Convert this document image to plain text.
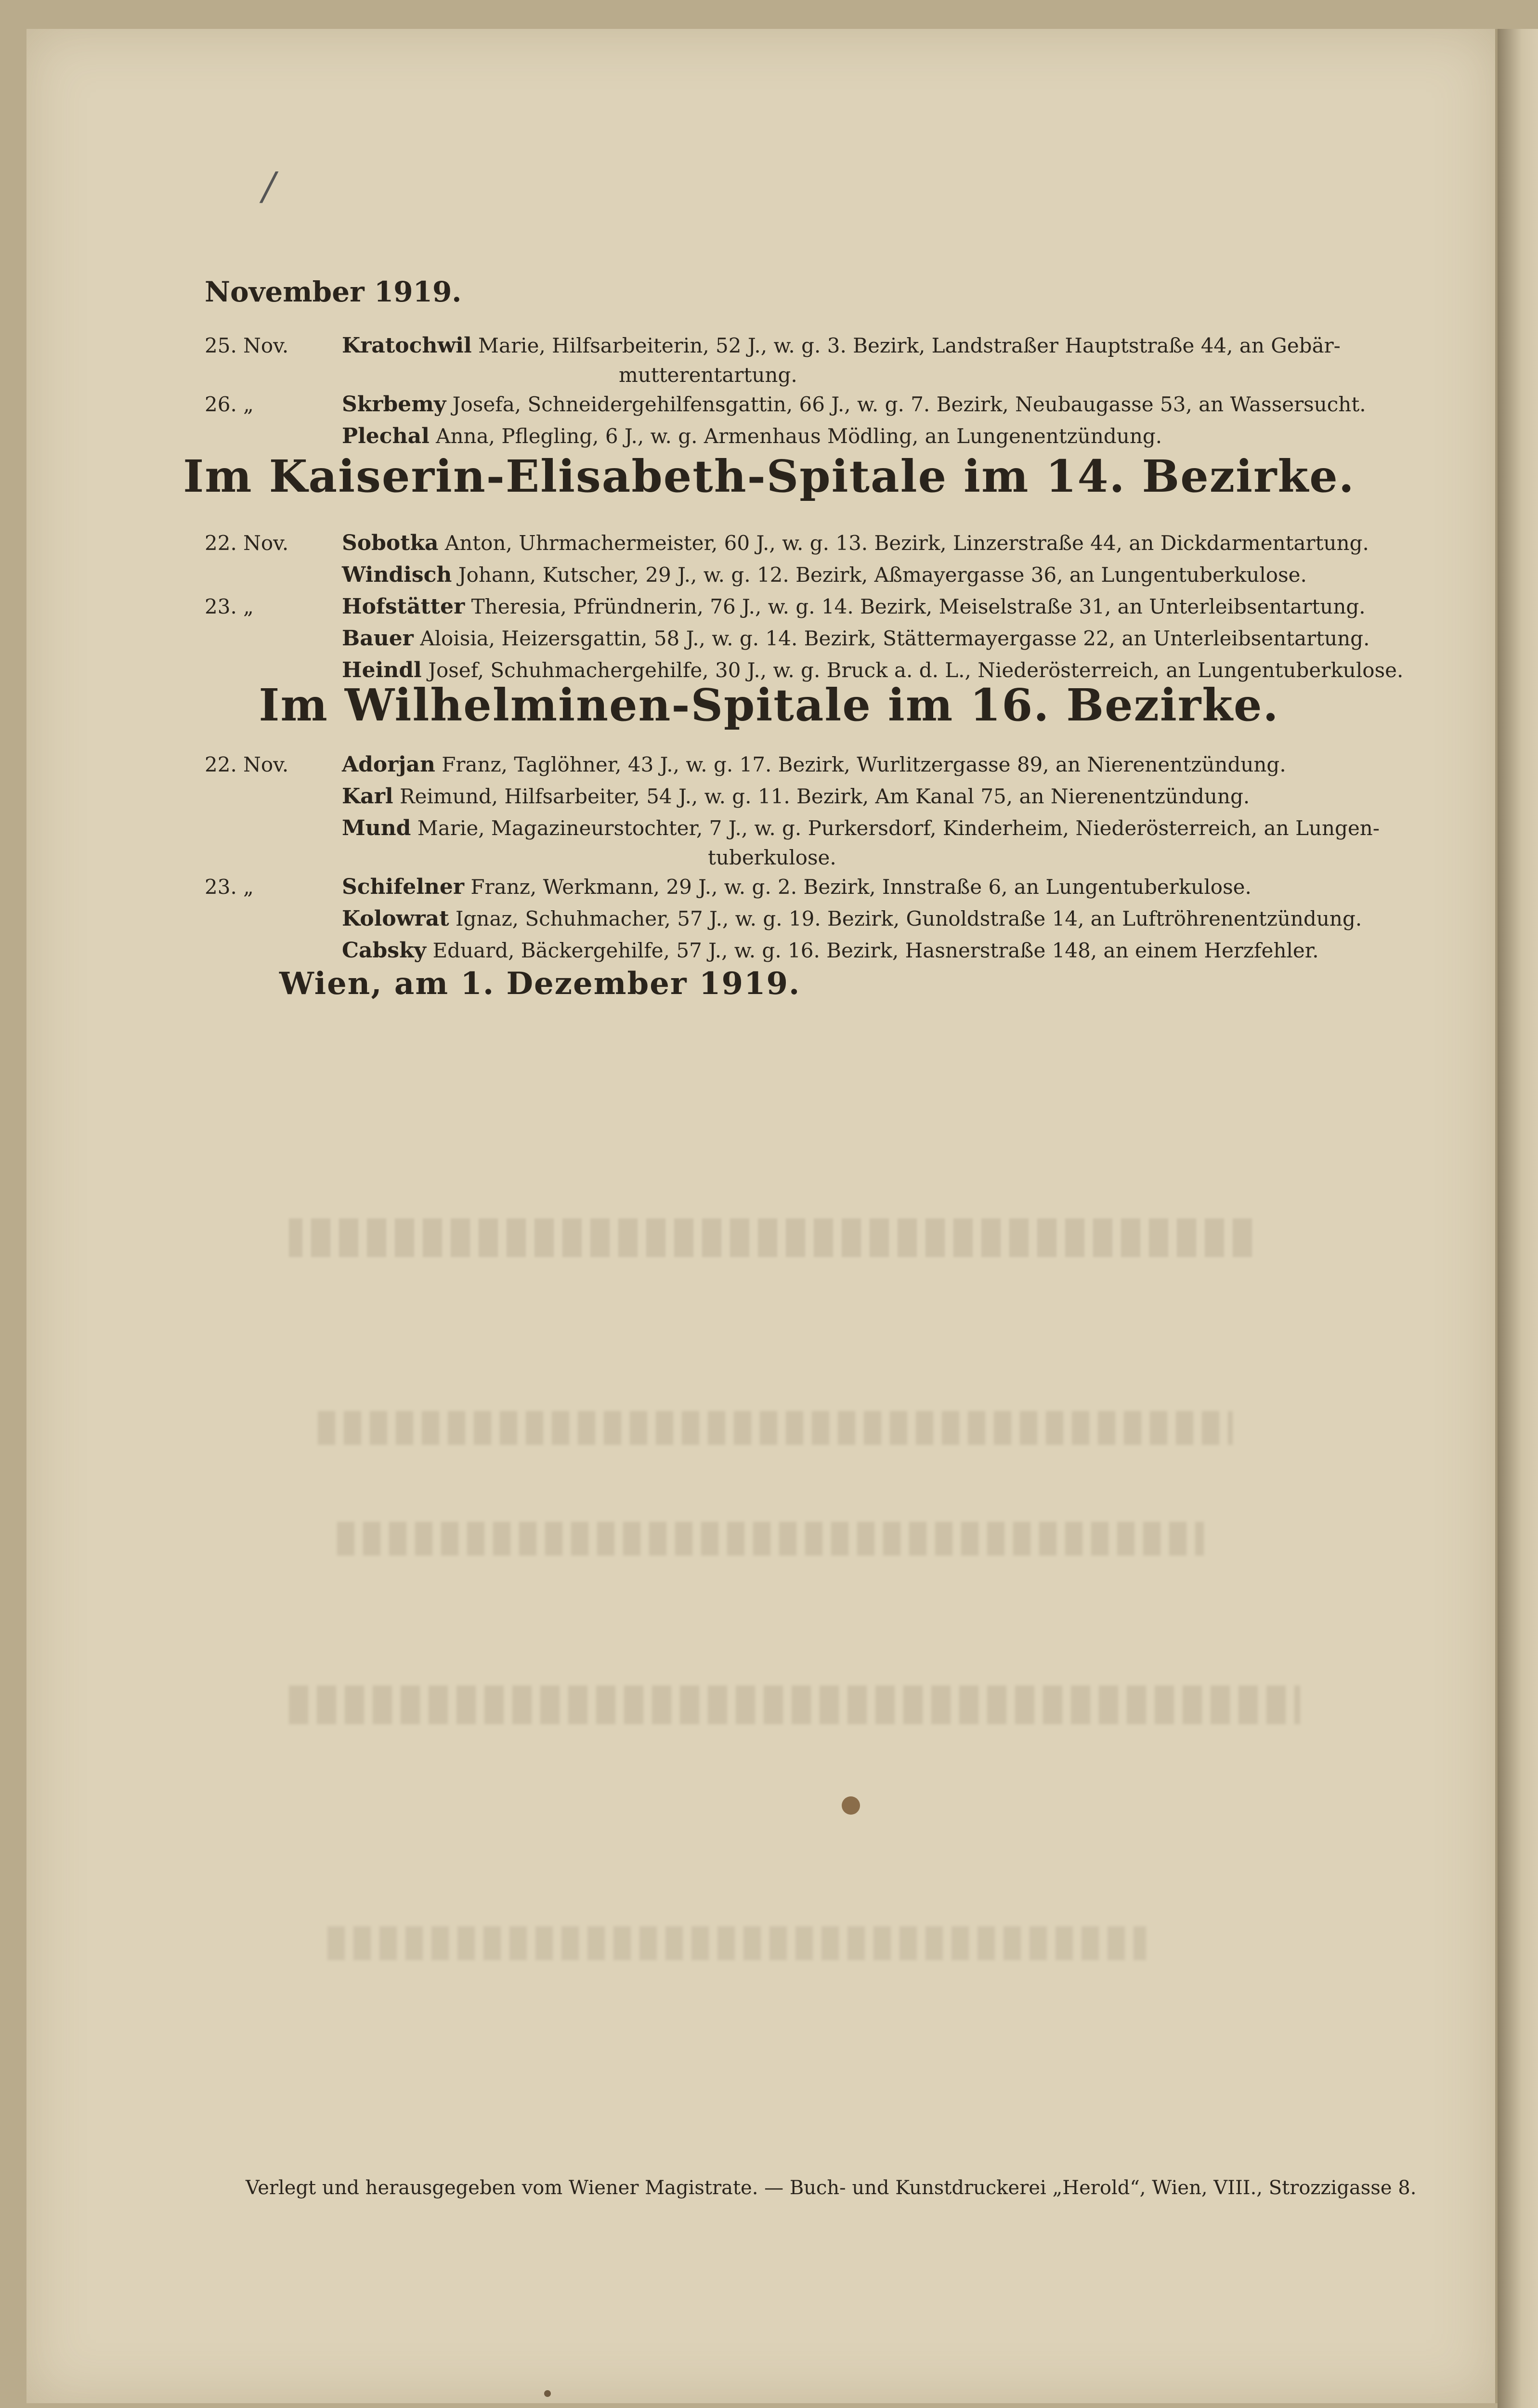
/
November 1919.
25. Nov.	Kratochwil Marie, Hilfsarbeiterin, 52 J., w. g. 3. Bezirk, Landstraßer Hauptstraße 44, an Gebär-
mutterentartung.
26. „	Skrbemy Josefa, Schneidergehilfensgattin, 66 J., w. g. 7. Bezirk, Neubaugasse 53, an Wassersucht.
Plechal Anna, Pflegling, 6 J., w. g. Armenhaus Mödling, an Lungenentzündung.
Im Kaiserin-Elisabeth-Spitale im 14. Bezirke.
22. Nov.	Sobotka Anton, Uhrmachermeister, 60 J., w. g. 13. Bezirk, Linzerstraße 44, an Dickdarmentartung.
Windisch Johann, Kutscher, 29 J., w. g. 12. Bezirk, Aßmayergasse 36, an Lungentuberkulose.
23. „	Hofstätter Theresia, Pfründnerin, 76 J., w. g. 14. Bezirk, Meiselstraße 31, an Unterleibsentartung.
Bauer Aloisia, Heizersgattin, 58 J., w. g. 14. Bezirk, Stättermayergasse 22, an Unterleibsentartung.
Heindl Josef, Schuhmachergehilfe, 30 J., w. g. Bruck a. d. L., Niederösterreich, an Lungentuberkulose.
Im Wilhelminen-Spitale im 16. Bezirke.
22. Nov.	Adorjan Franz, Taglöhner, 43 J., w. g. 17. Bezirk, Wurlitzergasse 89, an Nierenentzündung.
Karl Reimund, Hilfsarbeiter, 54 J., w. g. 11. Bezirk, Am Kanal 75, an Nierenentzündung.
Mund Marie, Magazineurstochter, 7 J., w. g. Purkersdorf, Kinderheim, Niederösterreich, an Lungen-
tuberkulose.
23. „	Schifelner Franz, Werkmann, 29 J., w. g. 2. Bezirk, Innstraße 6, an Lungentuberkulose.
Kolowrat Ignaz, Schuhmacher, 57 J., w. g. 19. Bezirk, Gunoldstraße 14, an Luftröhrenentzündung.
Cabsky Eduard, Bäckergehilfe, 57 J., w. g. 16. Bezirk, Hasnerstraße 148, an einem Herzfehler.
Wien, am 1. Dezember 1919.
Verlegt und herausgegeben vom Wiener Magistrate. — Buch- und Kunstdruckerei „Herold“, Wien, VIII., Strozzigasse 8.
